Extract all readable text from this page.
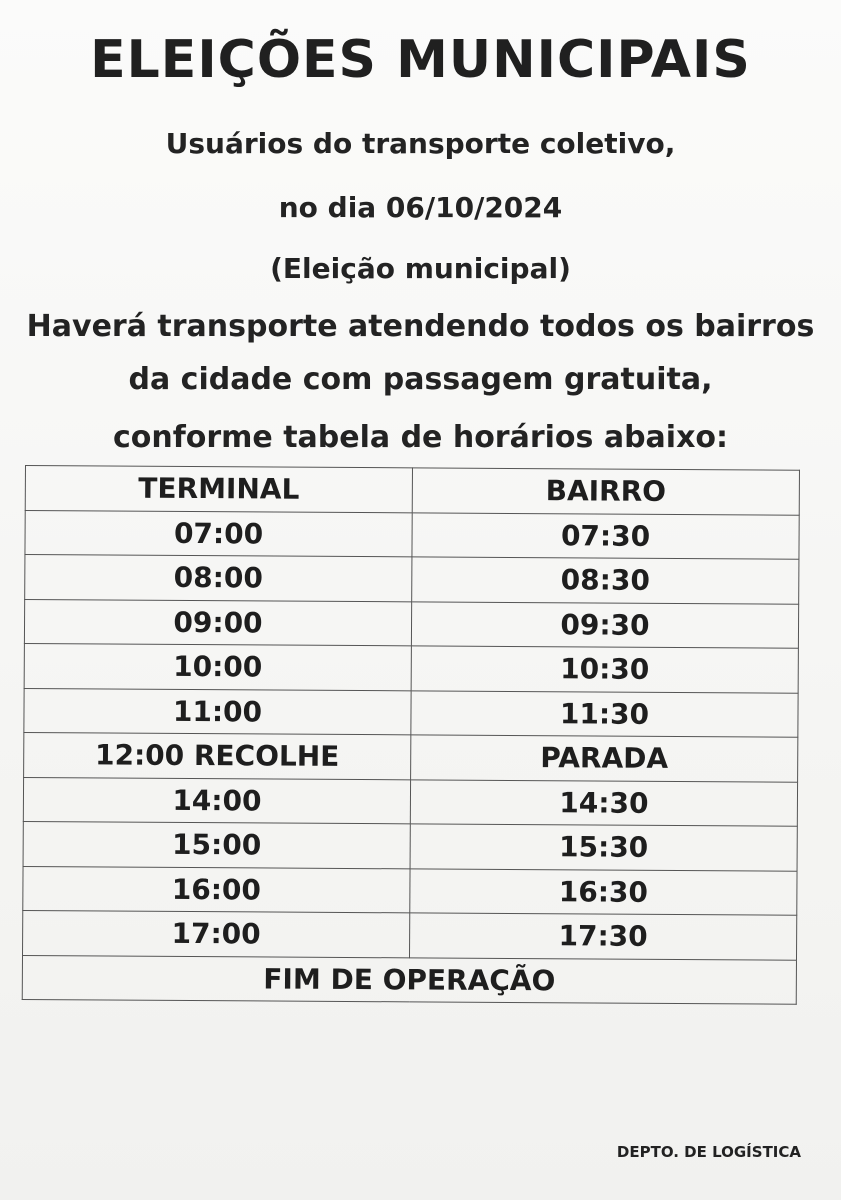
ELEIÇÕES MUNICIPAIS
Usuários do transporte coletivo,
no dia 06/10/2024
(Eleição municipal)
Haverá transporte atendendo todos os bairros
da cidade com passagem gratuita,
conforme tabela de horários abaixo:
TERMINAL	BAIRRO
07:00	07:30
08:00	08:30
09:00	09:30
10:00	10:30
11:00	11:30
12:00 RECOLHE	PARADA
14:00	14:30
15:00	15:30
16:00	16:30
17:00	17:30
FIM DE OPERAÇÃO	
DEPTO. DE LOGÍSTICA
